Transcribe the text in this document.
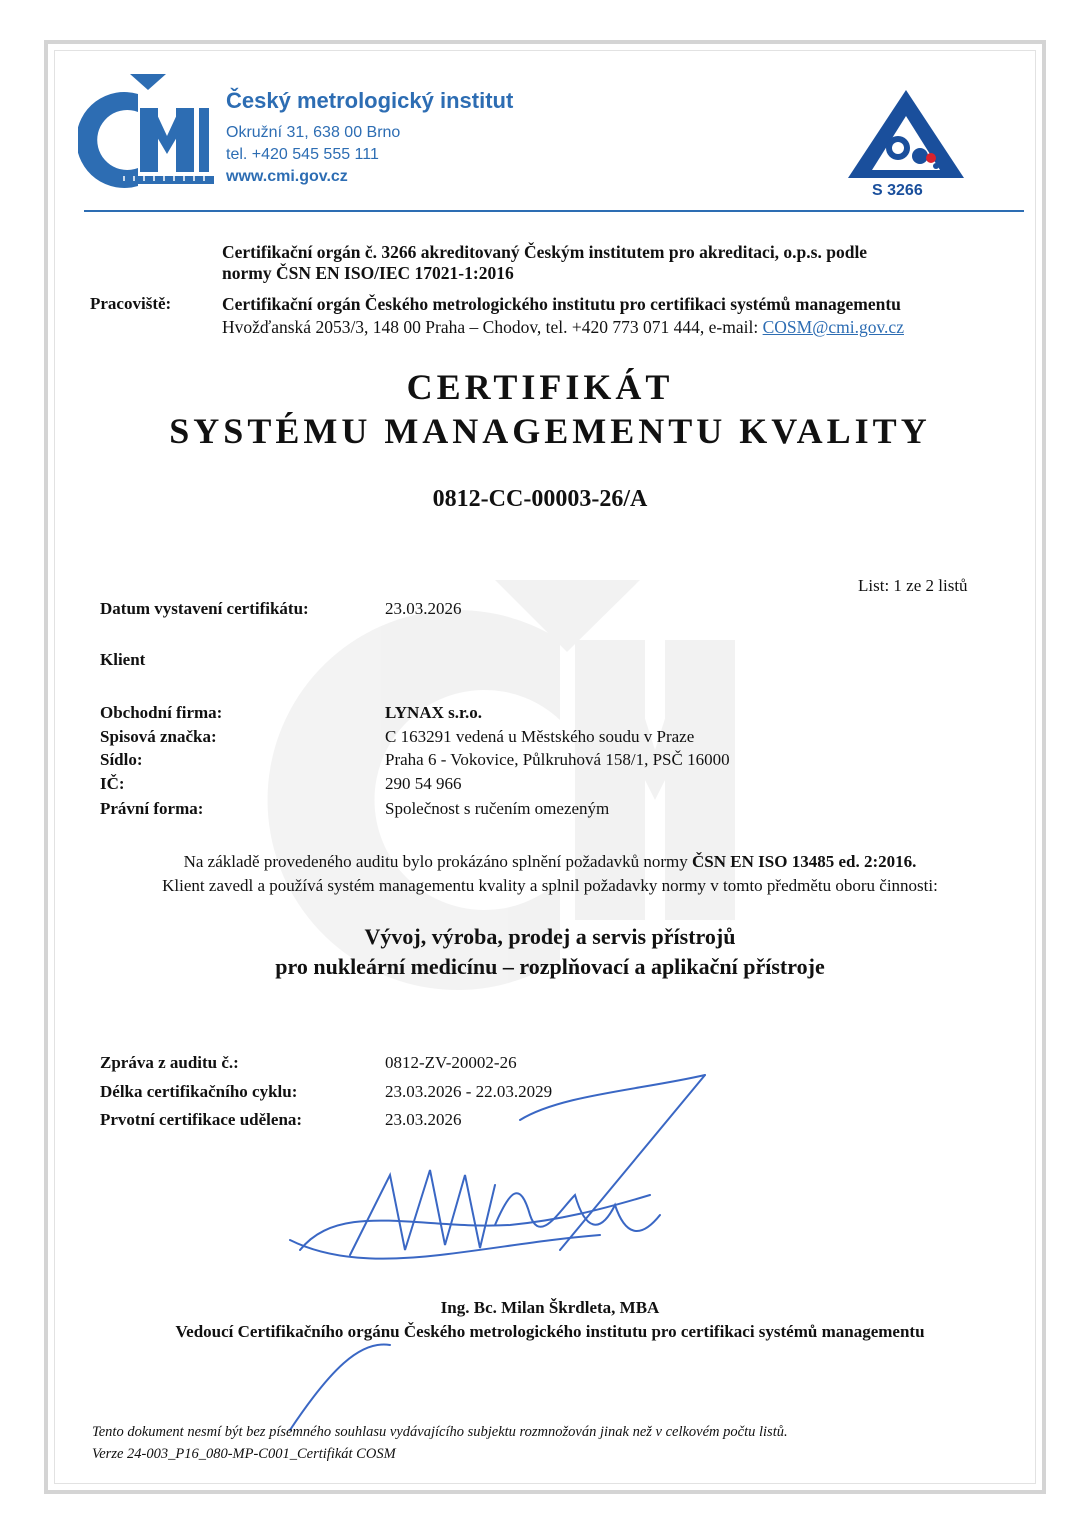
Český metrologický institut
Okružní 31, 638 00 Brno
tel. +420 545 555 111
www.cmi.gov.cz
S 3266
Certifikační orgán č. 3266 akreditovaný Českým institutem pro akreditaci, o.p.s. podle
normy ČSN EN ISO/IEC 17021-1:2016
Pracoviště:	Certifikační orgán Českého metrologického institutu pro certifikaci systémů managementu
Hvožďanská 2053/3, 148 00 Praha – Chodov, tel. +420 773 071 444, e-mail: COSM@cmi.gov.cz
CERTIFIKÁT
SYSTÉMU MANAGEMENTU KVALITY
0812-CC-00003-26/A
List: 1 ze 2 listů
Datum vystavení certifikátu:	23.03.2026
Klient
Obchodní firma:	LYNAX s.r.o.
Spisová značka:	C 163291 vedená u Městského soudu v Praze
Sídlo:	Praha 6 - Vokovice, Půlkruhová 158/1, PSČ 16000
IČ:	290 54 966
Právní forma:	Společnost s ručením omezeným
Na základě provedeného auditu bylo prokázáno splnění požadavků normy ČSN EN ISO 13485 ed. 2:2016.
Klient zavedl a používá systém managementu kvality a splnil požadavky normy v tomto předmětu oboru činnosti:
Vývoj, výroba, prodej a servis přístrojů
pro nukleární medicínu – rozplňovací a aplikační přístroje
Zpráva z auditu č.:	0812-ZV-20002-26
Délka certifikačního cyklu:	23.03.2026 - 22.03.2029
Prvotní certifikace udělena:	23.03.2026
Ing. Bc. Milan Škrdleta, MBA
Vedoucí Certifikačního orgánu Českého metrologického institutu pro certifikaci systémů managementu
Tento dokument nesmí být bez písemného souhlasu vydávajícího subjektu rozmnožován jinak než v celkovém počtu listů.
Verze 24-003_P16_080-MP-C001_Certifikát COSM
